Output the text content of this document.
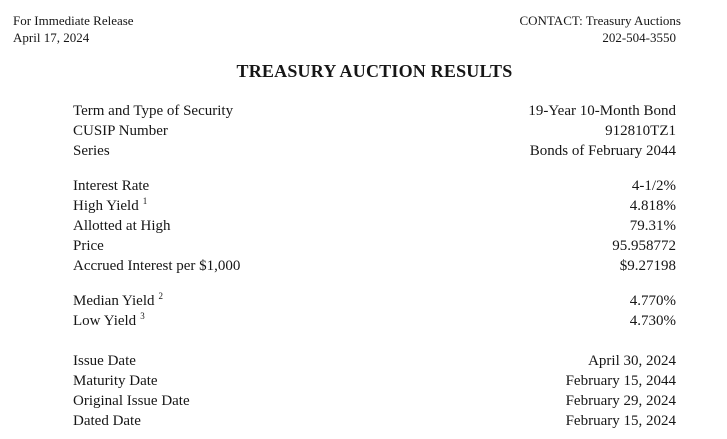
For Immediate Release
April 17, 2024
CONTACT: Treasury Auctions
202-504-3550
TREASURY AUCTION RESULTS
Term and Type of Security	19-Year 10-Month Bond
CUSIP Number	912810TZ1
Series	Bonds of February 2044
Interest Rate	4-1/2%
High Yield $^1$	4.818%
Allotted at High	79.31%
Price	95.958772
Accrued Interest per $1,000	$9.27198
Median Yield $^2$	4.770%
Low Yield $^3$	4.730%
Issue Date	April 30, 2024
Maturity Date	February 15, 2044
Original Issue Date	February 29, 2024
Dated Date	February 15, 2024
